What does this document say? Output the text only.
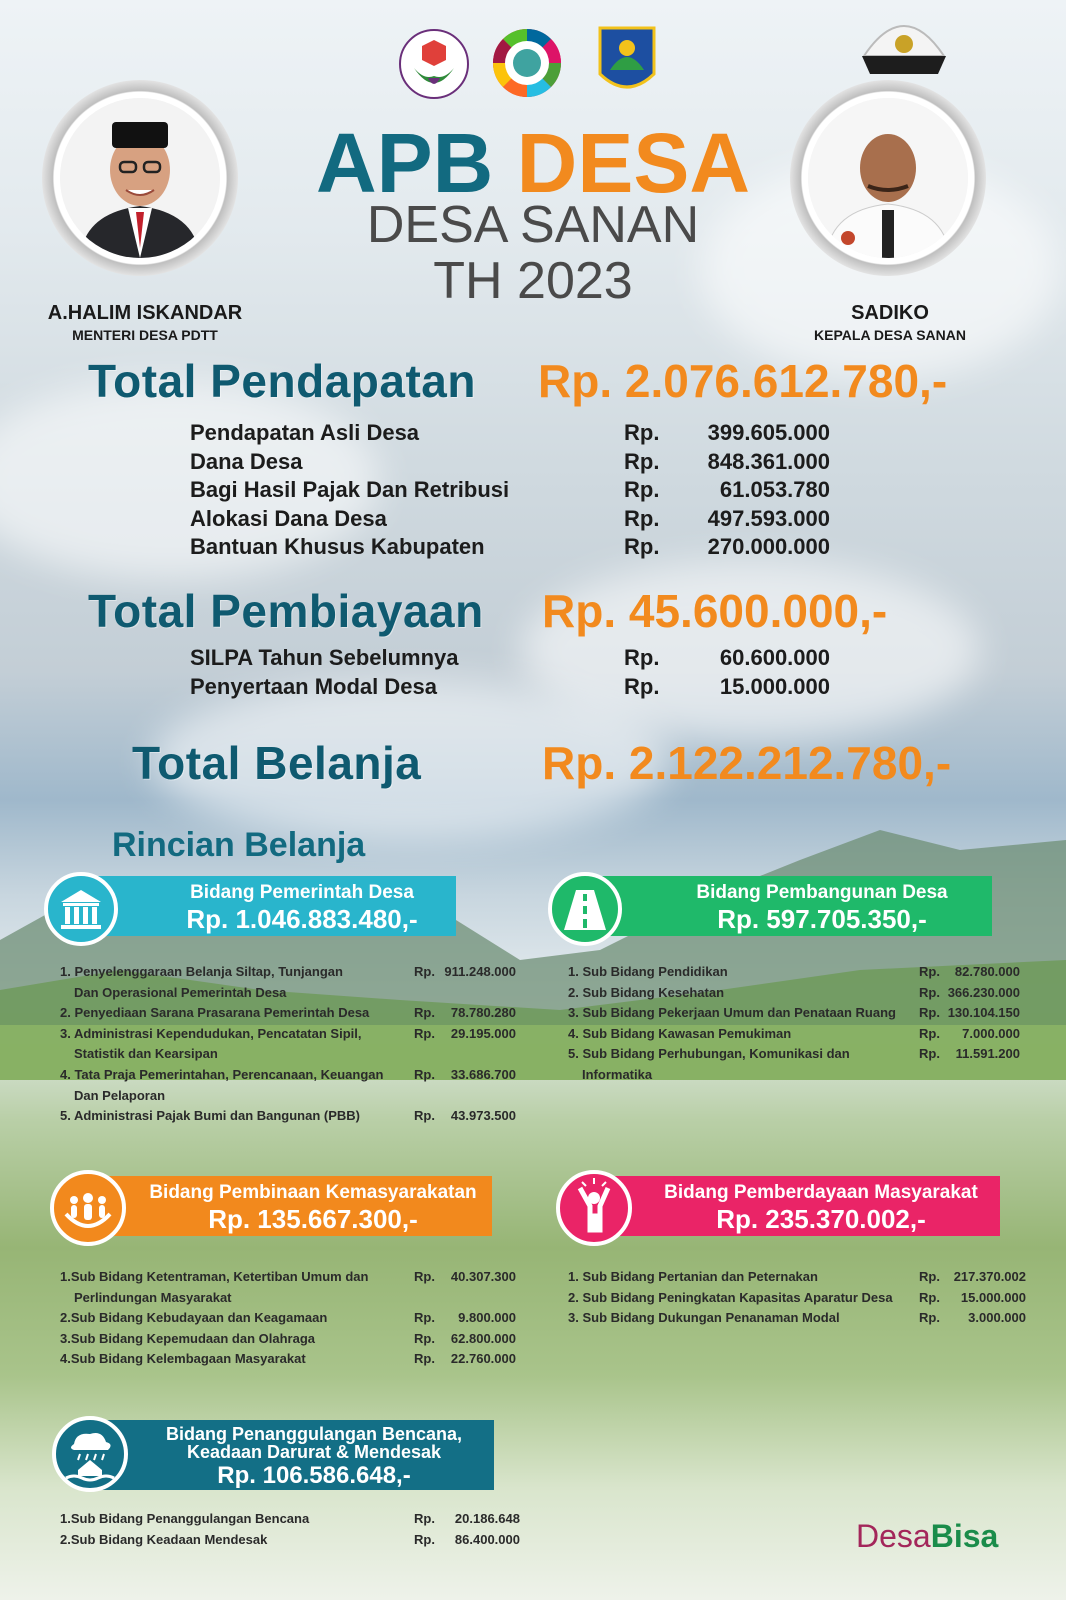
A.HALIM ISKANDAR
MENTERI DESA PDTT
SADIKO
KEPALA DESA SANAN
APB DESA
DESA SANAN
TH 2023
Total Pendapatan Rp. 2.076.612.780,-
Pendapatan Asli Desa	Rp. 399.605.000
Dana Desa	Rp. 848.361.000
Bagi Hasil Pajak Dan Retribusi	Rp.	61.053.780
Alokasi Dana Desa	Rp. 497.593.000
Bantuan Khusus Kabupaten	Rp. 270.000.000
Total Pembiayaan Rp. 45.600.000,-
SILPA Tahun Sebelumnya	Rp.	60.600.000
Penyertaan Modal Desa	Rp.	15.000.000
Total Belanja	Rp. 2.122.212.780,-
Rincian Belanja
Bidang Pemerintah Desa
Rp. 1.046.883.480,-
1. Penyelenggaraan Belanja Siltap, Tunjangan	Rp. 911.248.000
Dan Operasional Pemerintah Desa
2. Penyediaan Sarana Prasarana Pemerintah Desa	Rp. 78.780.280
3. Administrasi Kependudukan, Pencatatan Sipil,	Rp. 29.195.000
Statistik dan Kearsipan
4. Tata Praja Pemerintahan, Perencanaan, Keuangan Rp. 33.686.700
Dan Pelaporan
5. Administrasi Pajak Bumi dan Bangunan (PBB)	Rp. 43.973.500
Bidang Pembangunan Desa
Rp. 597.705.350,-
1. Sub Bidang Pendidikan	Rp. 82.780.000
2. Sub Bidang Kesehatan	Rp. 366.230.000
3. Sub Bidang Pekerjaan Umum dan Penataan Ruang Rp. 130.104.150
4. Sub Bidang Kawasan Pemukiman	Rp. 7.000.000
5. Sub Bidang Perhubungan, Komunikasi dan	Rp. 11.591.200
Informatika
Bidang Pembinaan Kemasyarakatan
Rp. 135.667.300,-
1.Sub Bidang Ketentraman, Ketertiban Umum dan	Rp. 40.307.300
Perlindungan Masyarakat
2.Sub Bidang Kebudayaan dan Keagamaan	Rp. 9.800.000
3.Sub Bidang Kepemudaan dan Olahraga	Rp. 62.800.000
4.Sub Bidang Kelembagaan Masyarakat	Rp. 22.760.000
Bidang Pemberdayaan Masyarakat
Rp. 235.370.002,-
1. Sub Bidang Pertanian dan Peternakan	Rp. 217.370.002
2. Sub Bidang Peningkatan Kapasitas Aparatur Desa Rp. 15.000.000
3. Sub Bidang Dukungan Penanaman Modal	Rp. 3.000.000
Bidang Penanggulangan Bencana,
Keadaan Darurat & Mendesak
Rp. 106.586.648,-
1.Sub Bidang Penanggulangan Bencana	Rp. 20.186.648
2.Sub Bidang Keadaan Mendesak	Rp. 86.400.000	DesaBisa
